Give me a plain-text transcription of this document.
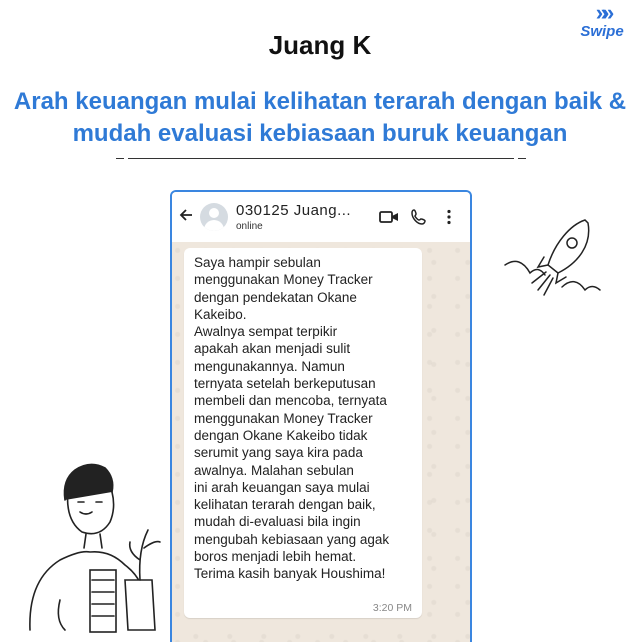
»»
Swipe
Juang K
Arah keuangan mulai kelihatan terarah dengan baik & mudah evaluasi kebiasaan buruk keuangan
030125 Juang...
online
Saya hampir sebulan
menggunakan Money Tracker
dengan pendekatan Okane
Kakeibo.
Awalnya sempat terpikir
apakah akan menjadi sulit
mengunakannya. Namun
ternyata setelah berkeputusan
membeli dan mencoba, ternyata
menggunakan Money Tracker
dengan Okane Kakeibo tidak
serumit yang saya kira pada
awalnya. Malahan sebulan
ini arah keuangan saya mulai
kelihatan terarah dengan baik,
mudah di-evaluasi bila ingin
mengubah kebiasaan yang agak
boros menjadi lebih hemat.
Terima kasih banyak Houshima!
3:20 PM
